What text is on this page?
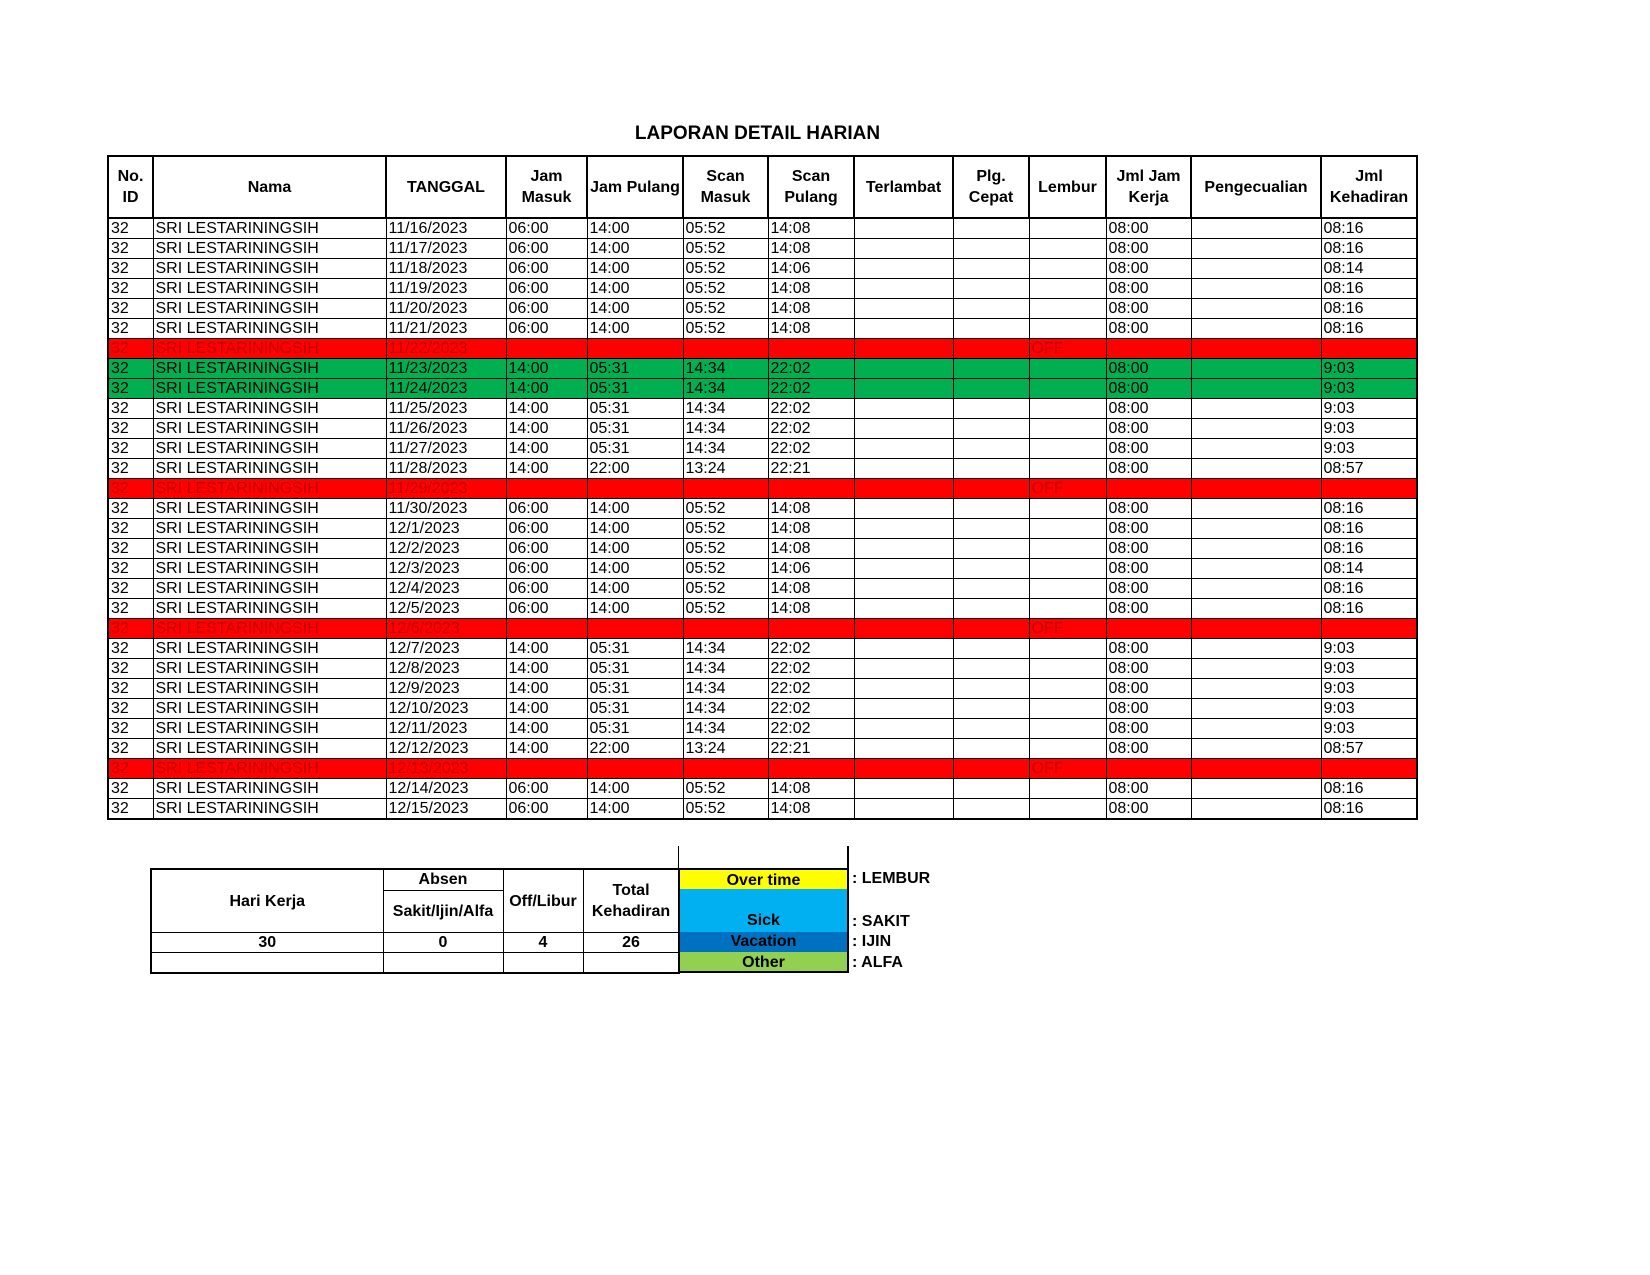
LAPORAN DETAIL HARIAN
No. ID	Nama	TANGGAL	Jam Masuk	Jam Pulang	Scan Masuk	Scan Pulang	Terlambat	Plg. Cepat	Lembur	Jml Jam Kerja	Pengecualian	Jml Kehadiran
32	SRI LESTARININGSIH	11/16/2023	06:00	14:00	05:52	14:08				08:00		08:16
32	SRI LESTARININGSIH	11/17/2023	06:00	14:00	05:52	14:08				08:00		08:16
32	SRI LESTARININGSIH	11/18/2023	06:00	14:00	05:52	14:06				08:00		08:14
32	SRI LESTARININGSIH	11/19/2023	06:00	14:00	05:52	14:08				08:00		08:16
32	SRI LESTARININGSIH	11/20/2023	06:00	14:00	05:52	14:08				08:00		08:16
32	SRI LESTARININGSIH	11/21/2023	06:00	14:00	05:52	14:08				08:00		08:16
32	SRI LESTARININGSIH	11/22/2023							OFF			
32	SRI LESTARININGSIH	11/23/2023	14:00	05:31	14:34	22:02				08:00		9:03
32	SRI LESTARININGSIH	11/24/2023	14:00	05:31	14:34	22:02				08:00		9:03
32	SRI LESTARININGSIH	11/25/2023	14:00	05:31	14:34	22:02				08:00		9:03
32	SRI LESTARININGSIH	11/26/2023	14:00	05:31	14:34	22:02				08:00		9:03
32	SRI LESTARININGSIH	11/27/2023	14:00	05:31	14:34	22:02				08:00		9:03
32	SRI LESTARININGSIH	11/28/2023	14:00	22:00	13:24	22:21				08:00		08:57
32	SRI LESTARININGSIH	11/29/2023							OFF			
32	SRI LESTARININGSIH	11/30/2023	06:00	14:00	05:52	14:08				08:00		08:16
32	SRI LESTARININGSIH	12/1/2023	06:00	14:00	05:52	14:08				08:00		08:16
32	SRI LESTARININGSIH	12/2/2023	06:00	14:00	05:52	14:08				08:00		08:16
32	SRI LESTARININGSIH	12/3/2023	06:00	14:00	05:52	14:06				08:00		08:14
32	SRI LESTARININGSIH	12/4/2023	06:00	14:00	05:52	14:08				08:00		08:16
32	SRI LESTARININGSIH	12/5/2023	06:00	14:00	05:52	14:08				08:00		08:16
32	SRI LESTARININGSIH	12/6/2023							OFF			
32	SRI LESTARININGSIH	12/7/2023	14:00	05:31	14:34	22:02				08:00		9:03
32	SRI LESTARININGSIH	12/8/2023	14:00	05:31	14:34	22:02				08:00		9:03
32	SRI LESTARININGSIH	12/9/2023	14:00	05:31	14:34	22:02				08:00		9:03
32	SRI LESTARININGSIH	12/10/2023	14:00	05:31	14:34	22:02				08:00		9:03
32	SRI LESTARININGSIH	12/11/2023	14:00	05:31	14:34	22:02				08:00		9:03
32	SRI LESTARININGSIH	12/12/2023	14:00	22:00	13:24	22:21				08:00		08:57
32	SRI LESTARININGSIH	12/13/2023							OFF			
32	SRI LESTARININGSIH	12/14/2023	06:00	14:00	05:52	14:08				08:00		08:16
32	SRI LESTARININGSIH	12/15/2023	06:00	14:00	05:52	14:08				08:00		08:16
Hari Kerja	Absen	Off/Libur	Total Kehadiran
	Sakit/Ijin/Alfa		
30	0	4	26

Over time	: LEMBUR
Sick	: SAKIT
Vacation	: IJIN
Other	: ALFA
